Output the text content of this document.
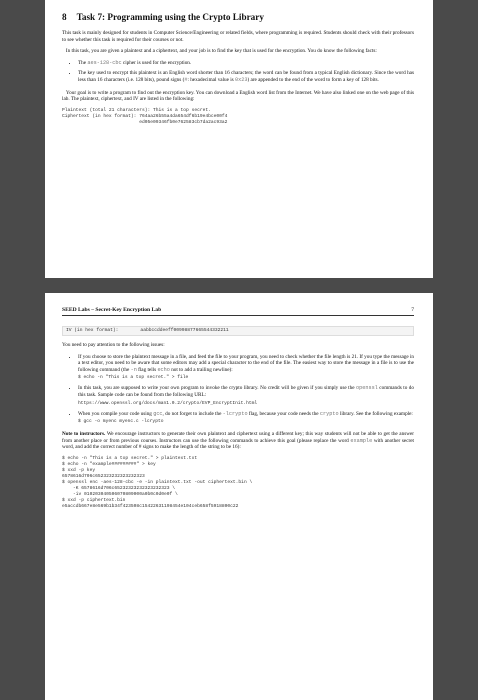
8 Task 7: Programming using the Crypto Library

This task is mainly designed for students in Computer Science/Engineering or related fields, where programming is required. Students should check with their professors to see whether this task is required for their courses or not.

In this task, you are given a plaintext and a ciphertext, and your job is to find the key that is used for the encryption. You do know the following facts:

• The aes-128-cbc cipher is used for the encryption.
• The key used to encrypt this plaintext is an English word shorter than 16 characters; the word can be found from a typical English dictionary. Since the word has less than 16 characters (i.e. 128 bits), pound signs (#: hexadecimal value is 0x23) are appended to the end of the word to form a key of 128 bits.

Your goal is to write a program to find out the encryption key. You can download a English word list from the Internet. We have also linked one on the web page of this lab. The plaintext, ciphertext, and IV are listed in the following:

Plaintext (total 21 characters): This is a top secret.
Ciphertext (in hex format): 764aa26b55a4da654df6b19e4bce00f4
ed05e09346fb0e762583cb7da2ac93a2
SEED Labs – Secret-Key Encryption Lab	7
IV (in hex format):        aabbccddeeff00998877665544332211

You need to pay attention to the following issues:

• If you choose to store the plaintext message in a file, and feed the file to your program, you need to check whether the file length is 21. If you type the message in a text editor, you need to be aware that some editors may add a special character to the end of the file. The easiest way to store the message in a file is to use the following command (the -n flag tells echo not to add a trailing newline):
$ echo -n "This is a top secret." > file
• In this task, you are supposed to write your own program to invoke the crypto library. No credit will be given if you simply use the openssl commands to do this task. Sample code can be found from the following URL:
https://www.openssl.org/docs/man1.0.2/crypto/EVP_EncryptInit.html
• When you compile your code using gcc, do not forget to include the -lcrypto flag, because your code needs the crypto library. See the following example:
$ gcc -o myenc myenc.c -lcrypto

Note to instructors. We encourage instructors to generate their own plaintext and ciphertext using a different key; this way students will not be able to get the answer from another place or from previous courses. Instructors can use the following commands to achieve this goal (please replace the word example with another secret word, and add the correct number of # signs to make the length of the string to be 16):

$ echo -n "This is a top secret." > plaintext.txt
$ echo -n "example#########" > key
$ xxd -p key
6578616d706c652323232323232323
$ openssl enc -aes-128-cbc -e -in plaintext.txt -out ciphertext.bin \
-K 6578616d706c65232323232323232323 \
-iv 010203040506070809000a0b0c0d0e0f \
$ xxd -p ciphertext.bin
e5accdb667e8e569b1b34f423508c15422631198454e104ceb658f5918800c22
